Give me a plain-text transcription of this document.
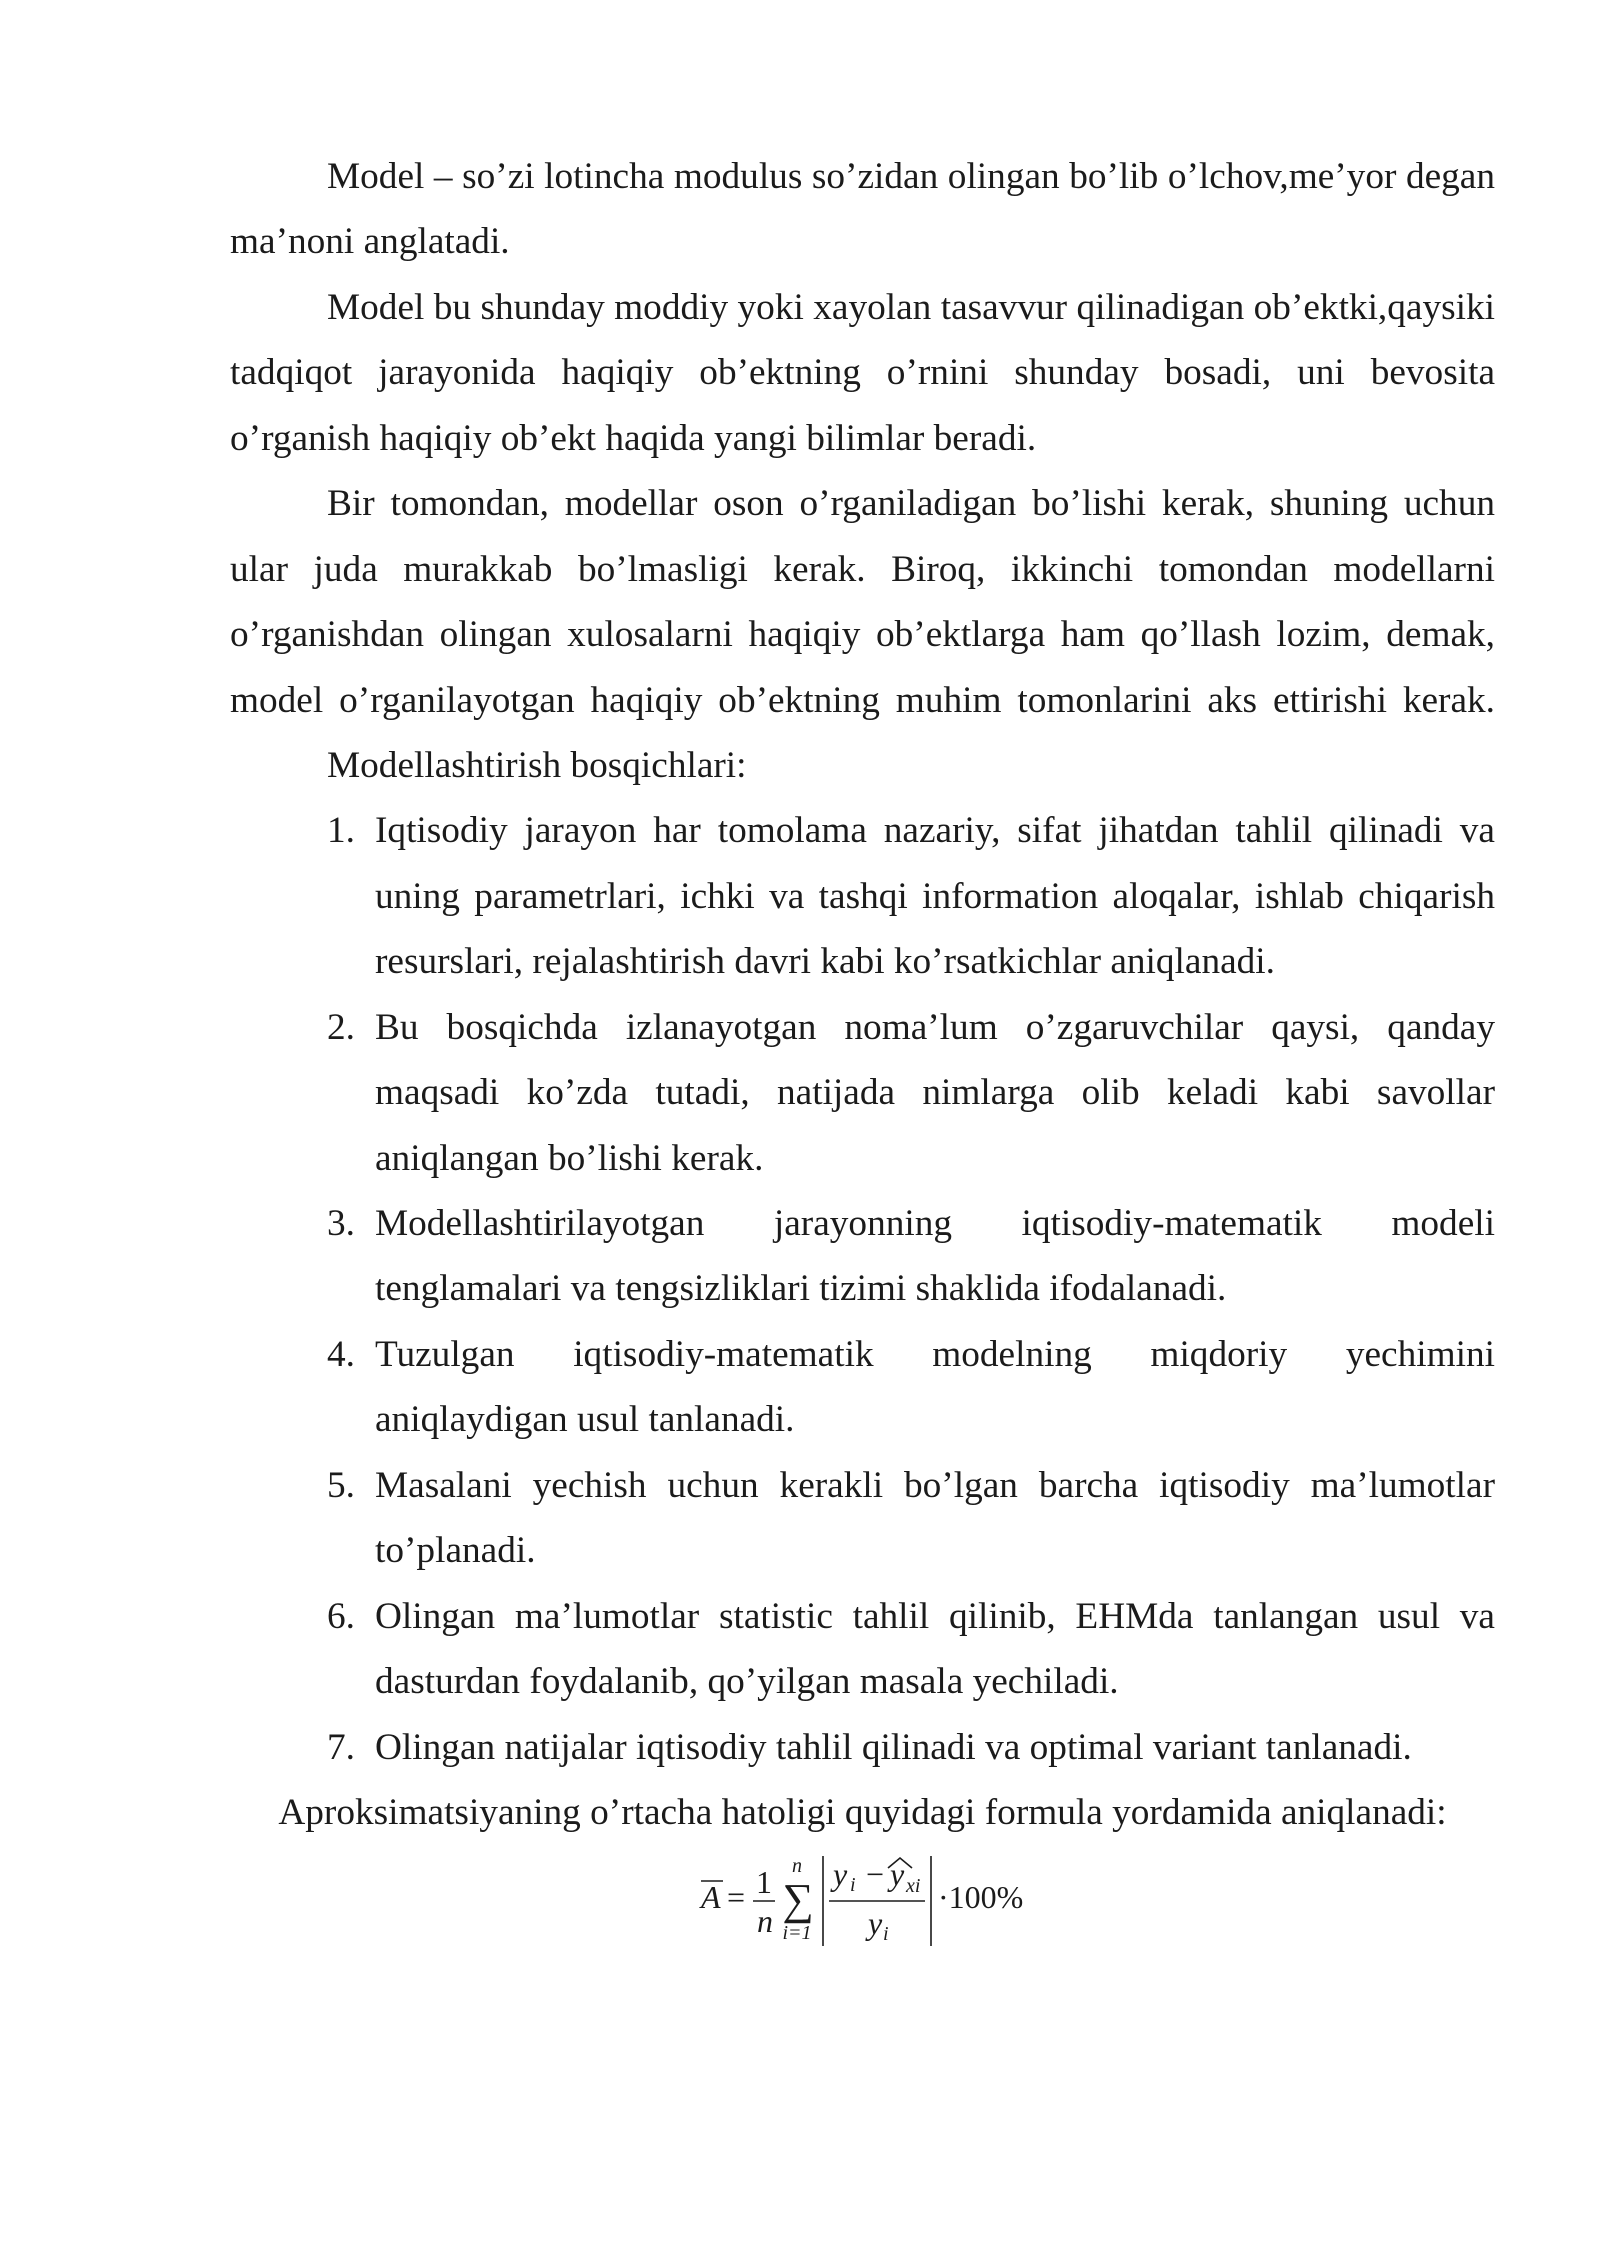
Model – so’zi lotincha modulus so’zidan olingan bo’lib o’lchov,me’yor degan
ma’noni anglatadi.
Model bu shunday moddiy yoki xayolan tasavvur qilinadigan ob’ektki,qaysiki
tadqiqot jarayonida haqiqiy ob’ektning o’rnini shunday bosadi, uni bevosita
o’rganish haqiqiy ob’ekt haqida yangi bilimlar beradi.
Bir tomondan, modellar oson o’rganiladigan bo’lishi kerak, shuning uchun
ular juda murakkab bo’lmasligi kerak. Biroq, ikkinchi tomondan modellarni
o’rganishdan olingan xulosalarni haqiqiy ob’ektlarga ham qo’llash lozim, demak,
model o’rganilayotgan haqiqiy ob’ektning muhim tomonlarini aks ettirishi kerak.
Modellashtirish bosqichlari:
1. Iqtisodiy jarayon har tomolama nazariy, sifat jihatdan tahlil qilinadi va
uning parametrlari, ichki va tashqi information aloqalar, ishlab chiqarish
resurslari, rejalashtirish davri kabi ko’rsatkichlar aniqlanadi.
2. Bu bosqichda izlanayotgan noma’lum o’zgaruvchilar qaysi, qanday
maqsadi ko’zda tutadi, natijada nimlarga olib keladi kabi savollar
aniqlangan bo’lishi kerak.
3. Modellashtirilayotgan jarayonning iqtisodiy-matematik modeli
tenglamalari va tengsizliklari tizimi shaklida ifodalanadi.
4. Tuzulgan iqtisodiy-matematik modelning miqdoriy yechimini
aniqlaydigan usul tanlanadi.
5. Masalani yechish uchun kerakli bo’lgan barcha iqtisodiy ma’lumotlar
to’planadi.
6. Olingan ma’lumotlar statistic tahlil qilinib, EHMda tanlangan usul va
dasturdan foydalanib, qo’yilgan masala yechiladi.
7. Olingan natijalar iqtisodiy tahlil qilinadi va optimal variant tanlanadi.
Aproksimatsiyaning o’rtacha hatoligi quyidagi formula yordamida aniqlanadi:
A = 1
n ∑
n
i=1
y i − y xi
y i
·100%
